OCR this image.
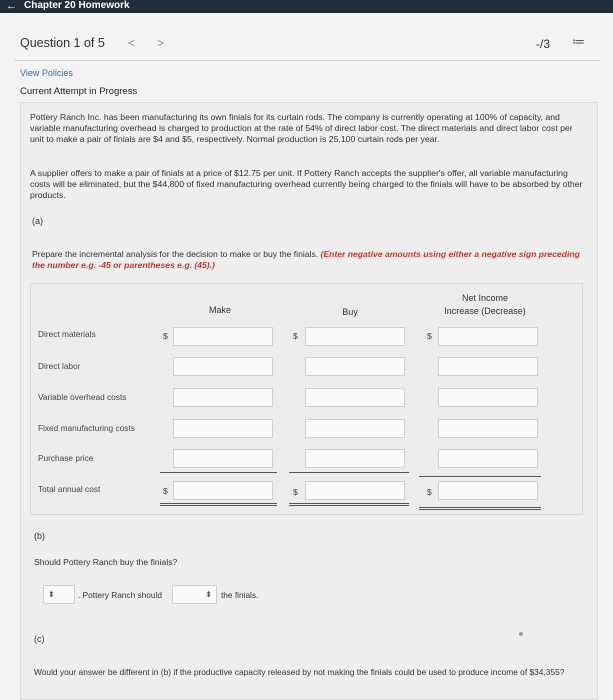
← Chapter 20 Homework
Question 1 of 5 < >	-/3 ≔
View Policies
Current Attempt in Progress
Pottery Ranch Inc. has been manufacturing its own finials for its curtain rods. The company is currently operating at 100% of capacity, and variable manufacturing overhead is charged to production at the rate of 54% of direct labor cost. The direct materials and direct labor cost per unit to make a pair of finials are $4 and $5, respectively. Normal production is 25,100 curtain rods per year.
A supplier offers to make a pair of finials at a price of $12.75 per unit. If Pottery Ranch accepts the supplier's offer, all variable manufacturing costs will be eliminated, but the $44,800 of fixed manufacturing overhead currently being charged to the finials will have to be absorbed by other products.
(a)
Prepare the incremental analysis for the decision to make or buy the finials. (Enter negative amounts using either a negative sign preceding the number e.g. -45 or parentheses e.g. (45).)
Make	Buy
Net Income
Increase (Decrease)
Direct materials	$	$	$
Direct labor
Variable overhead costs
Fixed manufacturing costs
Purchase price
Total annual cost	$	$	$
(b)
Should Pottery Ranch buy the finials?
⬍	. Pottery Ranch should	⬍	the finials.
(c)
Would your answer be different in (b) if the productive capacity released by not making the finials could be used to produce income of $34,355?
